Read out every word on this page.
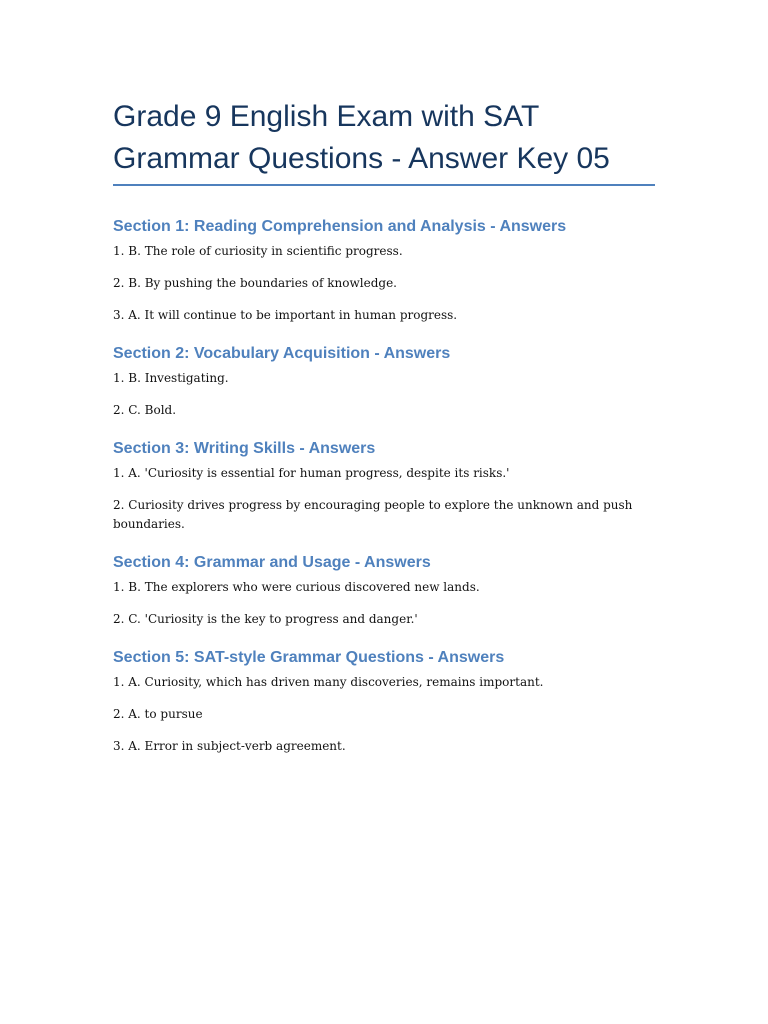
Grade 9 English Exam with SAT Grammar Questions - Answer Key 05
Section 1: Reading Comprehension and Analysis - Answers

1. B. The role of curiosity in scientific progress.

2. B. By pushing the boundaries of knowledge.

3. A. It will continue to be important in human progress.

Section 2: Vocabulary Acquisition - Answers

1. B. Investigating.

2. C. Bold.

Section 3: Writing Skills - Answers

1. A. 'Curiosity is essential for human progress, despite its risks.'

2. Curiosity drives progress by encouraging people to explore the unknown and push boundaries.

Section 4: Grammar and Usage - Answers

1. B. The explorers who were curious discovered new lands.

2. C. 'Curiosity is the key to progress and danger.'

Section 5: SAT-style Grammar Questions - Answers

1. A. Curiosity, which has driven many discoveries, remains important.

2. A. to pursue

3. A. Error in subject-verb agreement.
